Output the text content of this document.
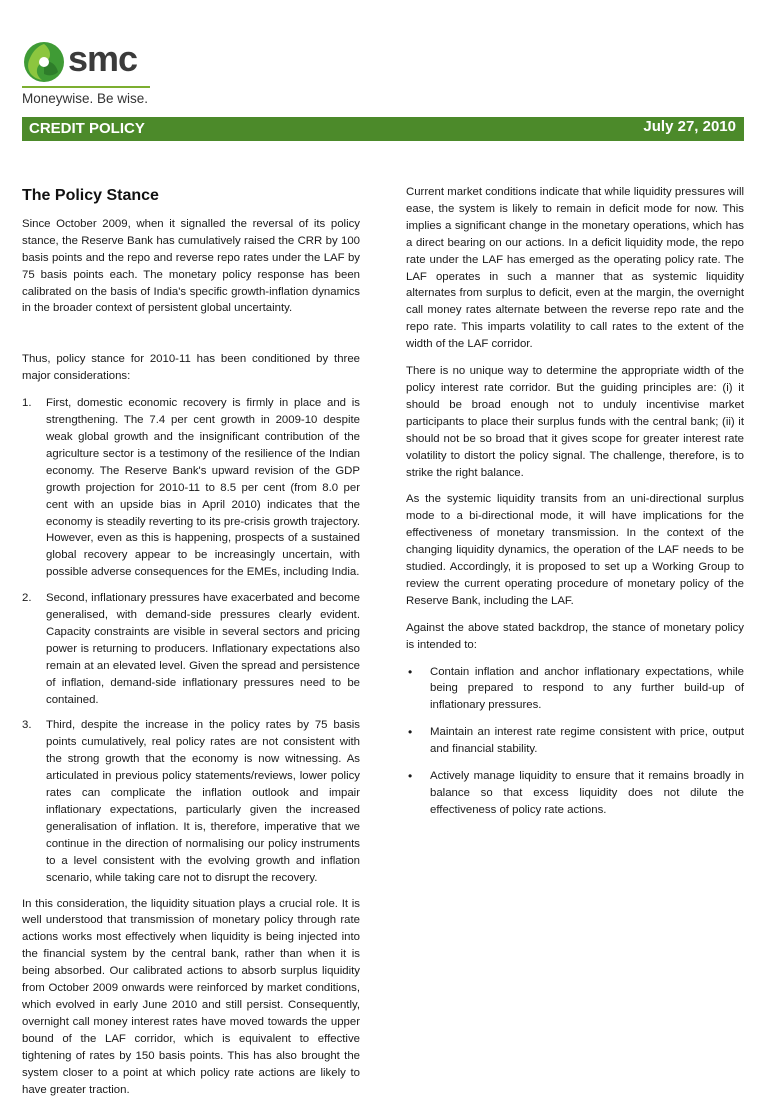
smc
Moneywise. Be wise.
CREDIT POLICY	July 27, 2010
The Policy Stance

Since October 2009, when it signalled the reversal of its policy stance, the Reserve Bank has cumulatively raised the CRR by 100 basis points and the repo and reverse repo rates under the LAF by 75 basis points each. The monetary policy response has been calibrated on the basis of India's specific growth-inflation dynamics in the broader context of persistent global uncertainty.

Thus, policy stance for 2010-11 has been conditioned by three major considerations:

1. First, domestic economic recovery is firmly in place and is strengthening. The 7.4 per cent growth in 2009-10 despite weak global growth and the insignificant contribution of the agriculture sector is a testimony of the resilience of the Indian economy. The Reserve Bank's upward revision of the GDP growth projection for 2010-11 to 8.5 per cent (from 8.0 per cent with an upside bias in April 2010) indicates that the economy is steadily reverting to its pre-crisis growth trajectory. However, even as this is happening, prospects of a sustained global recovery appear to be increasingly uncertain, with possible adverse consequences for the EMEs, including India.
2. Second, inflationary pressures have exacerbated and become generalised, with demand-side pressures clearly evident. Capacity constraints are visible in several sectors and pricing power is returning to producers. Inflationary expectations also remain at an elevated level. Given the spread and persistence of inflation, demand-side inflationary pressures need to be contained.
3. Third, despite the increase in the policy rates by 75 basis points cumulatively, real policy rates are not consistent with the strong growth that the economy is now witnessing. As articulated in previous policy statements/reviews, lower policy rates can complicate the inflation outlook and impair inflationary expectations, particularly given the increased generalisation of inflation. It is, therefore, imperative that we continue in the direction of normalising our policy instruments to a level consistent with the evolving growth and inflation scenario, while taking care not to disrupt the recovery.

In this consideration, the liquidity situation plays a crucial role. It is well understood that transmission of monetary policy through rate actions works most effectively when liquidity is being injected into the financial system by the central bank, rather than when it is being absorbed. Our calibrated actions to absorb surplus liquidity from October 2009 onwards were reinforced by market conditions, which evolved in early June 2010 and still persist. Consequently, overnight call money interest rates have moved towards the upper bound of the LAF corridor, which is equivalent to effective tightening of rates by 150 basis points. This has also brought the system closer to a point at which policy rate actions are likely to have greater traction.

Current market conditions indicate that while liquidity pressures will ease, the system is likely to remain in deficit mode for now. This implies a significant change in the monetary operations, which has a direct bearing on our actions. In a deficit liquidity mode, the repo rate under the LAF has emerged as the operating policy rate. The LAF operates in such a manner that as systemic liquidity alternates from surplus to deficit, even at the margin, the overnight call money rates alternate between the reverse repo rate and the repo rate. This imparts volatility to call rates to the extent of the width of the LAF corridor.

There is no unique way to determine the appropriate width of the policy interest rate corridor. But the guiding principles are: (i) it should be broad enough not to unduly incentivise market participants to place their surplus funds with the central bank; (ii) it should not be so broad that it gives scope for greater interest rate volatility to distort the policy signal. The challenge, therefore, is to strike the right balance.

As the systemic liquidity transits from an uni-directional surplus mode to a bi-directional mode, it will have implications for the effectiveness of monetary transmission. In the context of the changing liquidity dynamics, the operation of the LAF needs to be studied. Accordingly, it is proposed to set up a Working Group to review the current operating procedure of monetary policy of the Reserve Bank, including the LAF.

Against the above stated backdrop, the stance of monetary policy is intended to:

• Contain inflation and anchor inflationary expectations, while being prepared to respond to any further build-up of inflationary pressures.
• Maintain an interest rate regime consistent with price, output and financial stability.
• Actively manage liquidity to ensure that it remains broadly in balance so that excess liquidity does not dilute the effectiveness of policy rate actions.
